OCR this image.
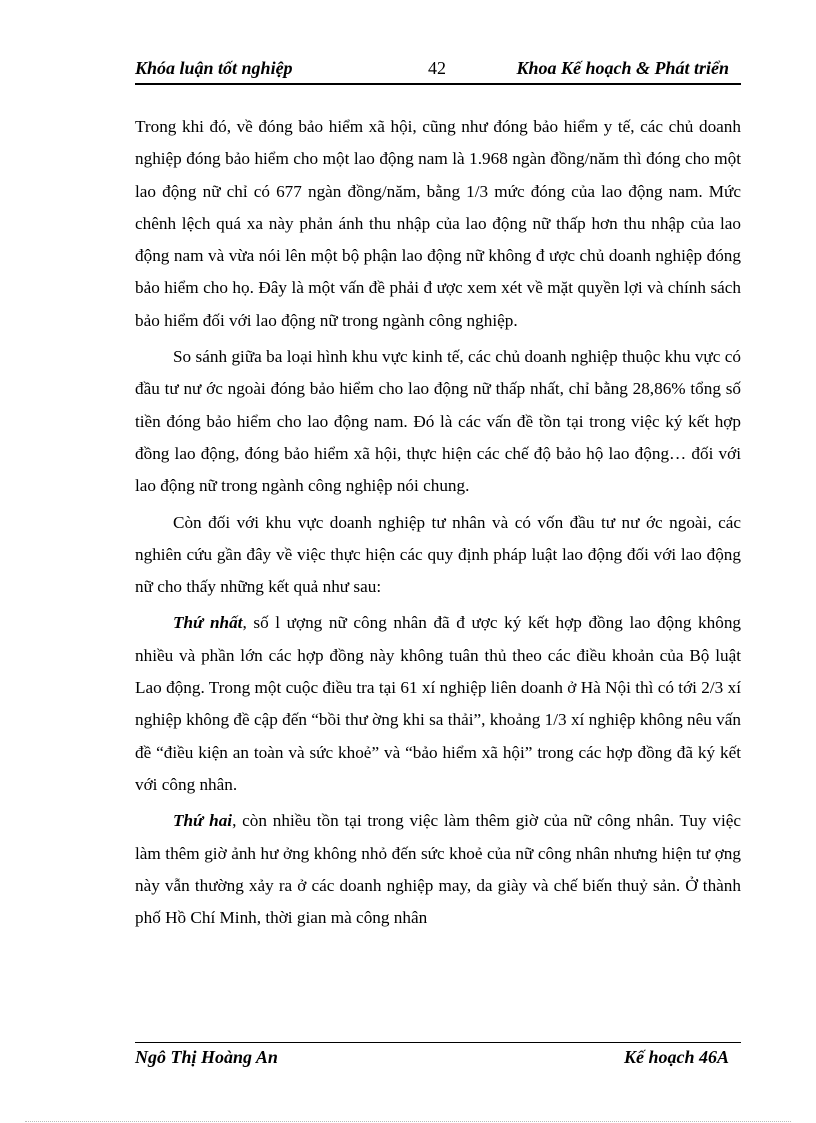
Khóa luận tốt nghiệp	42	Khoa Kế hoạch & Phát triển

Trong khi đó, về đóng bảo hiểm xã hội, cũng như đóng bảo hiểm y tế, các chủ doanh nghiệp đóng bảo hiểm cho một lao động nam là 1.968 ngàn đồng/năm thì đóng cho một lao động nữ chỉ có 677 ngàn đồng/năm, bằng 1/3 mức đóng của lao động nam. Mức chênh lệch quá xa này phản ánh thu nhập của lao động nữ thấp hơn thu nhập của lao động nam và vừa nói lên một bộ phận lao động nữ không đ ược chủ doanh nghiệp đóng bảo hiểm cho họ. Đây là một vấn đề phải đ ược xem xét về mặt quyền lợi và chính sách bảo hiểm đối với lao động nữ trong ngành công nghiệp.

So sánh giữa ba loại hình khu vực kinh tế, các chủ doanh nghiệp thuộc khu vực có đầu tư nư ớc ngoài đóng bảo hiểm cho lao động nữ thấp nhất, chỉ bằng 28,86% tổng số tiền đóng bảo hiểm cho lao động nam. Đó là các vấn đề tồn tại trong việc ký kết hợp đồng lao động, đóng bảo hiểm xã hội, thực hiện các chế độ bảo hộ lao động… đối với lao động nữ trong ngành công nghiệp nói chung.

Còn đối với khu vực doanh nghiệp tư nhân và có vốn đầu tư nư ớc ngoài, các nghiên cứu gần đây về việc thực hiện các quy định pháp luật lao động đối với lao động nữ cho thấy những kết quả như sau:

Thứ nhất, số l ượng nữ công nhân đã đ ược ký kết hợp đồng lao động không nhiều và phần lớn các hợp đồng này không tuân thủ theo các điều khoản của Bộ luật Lao động. Trong một cuộc điều tra tại 61 xí nghiệp liên doanh ở Hà Nội thì có tới 2/3 xí nghiệp không đề cập đến “bồi thư ờng khi sa thải”, khoảng 1/3 xí nghiệp không nêu vấn đề “điều kiện an toàn và sức khoẻ” và “bảo hiểm xã hội” trong các hợp đồng đã ký kết với công nhân.

Thứ hai, còn nhiều tồn tại trong việc làm thêm giờ của nữ công nhân. Tuy việc làm thêm giờ ảnh hư ởng không nhỏ đến sức khoẻ của nữ công nhân nhưng hiện tư ợng này vẫn thường xảy ra ở các doanh nghiệp may, da giày và chế biến thuỷ sản. Ở thành phố Hồ Chí Minh, thời gian mà công nhân

Ngô Thị Hoàng An	Kế hoạch 46A
